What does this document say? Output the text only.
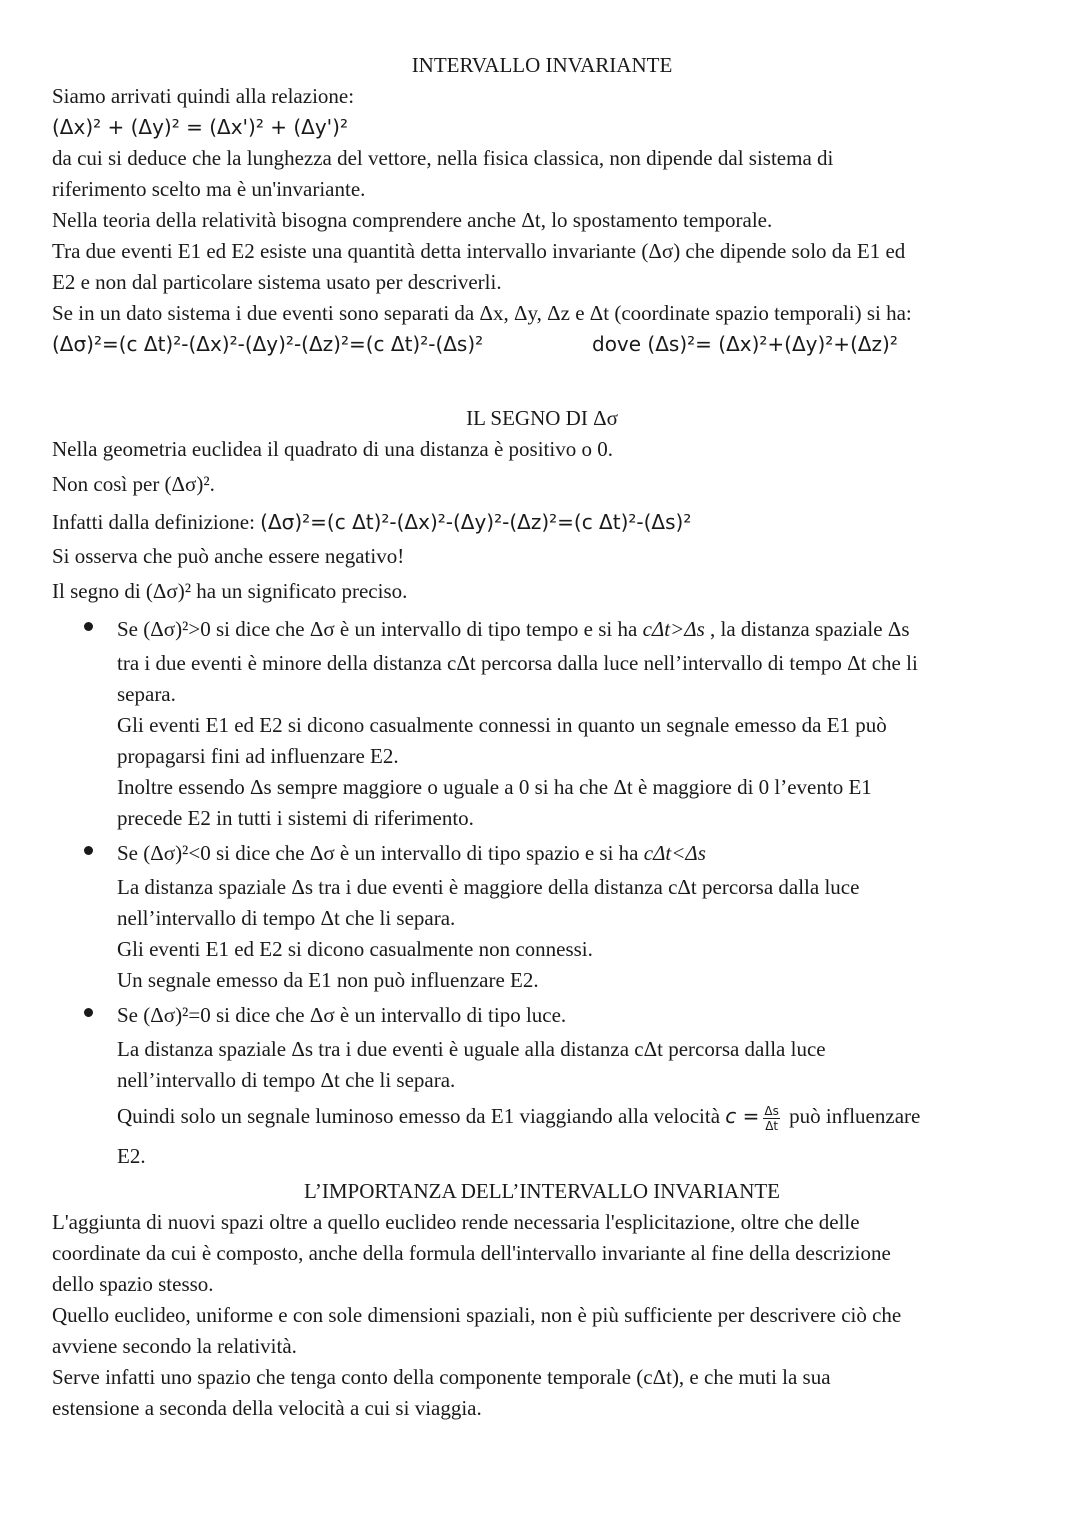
INTERVALLO INVARIANTE
Siamo arrivati quindi alla relazione:
(Δx)² + (Δy)² = (Δx')² + (Δy')²
da cui si deduce che la lunghezza del vettore, nella fisica classica, non dipende dal sistema di
riferimento scelto ma è un'invariante.
Nella teoria della relatività bisogna comprendere anche Δt, lo spostamento temporale.
Tra due eventi E1 ed E2 esiste una quantità detta intervallo invariante (Δσ) che dipende solo da E1 ed
E2 e non dal particolare sistema usato per descriverli.
Se in un dato sistema i due eventi sono separati da Δx, Δy, Δz e Δt (coordinate spazio temporali) si ha:
(Δσ)²=(c Δt)²-(Δx)²-(Δy)²-(Δz)²=(c Δt)²-(Δs)²	dove (Δs)²= (Δx)²+(Δy)²+(Δz)²
IL SEGNO DI Δσ
Nella geometria euclidea il quadrato di una distanza è positivo o 0.
Non così per (Δσ)².
Infatti dalla definizione: (Δσ)²=(c Δt)²-(Δx)²-(Δy)²-(Δz)²=(c Δt)²-(Δs)²
Si osserva che può anche essere negativo!
Il segno di (Δσ)² ha un significato preciso.
Se (Δσ)²>0 si dice che Δσ è un intervallo di tipo tempo e si ha cΔt>Δs , la distanza spaziale Δs
tra i due eventi è minore della distanza cΔt percorsa dalla luce nell’intervallo di tempo Δt che li
separa.
Gli eventi E1 ed E2 si dicono casualmente connessi in quanto un segnale emesso da E1 può
propagarsi fini ad influenzare E2.
Inoltre essendo Δs sempre maggiore o uguale a 0 si ha che Δt è maggiore di 0 l’evento E1
precede E2 in tutti i sistemi di riferimento.
Se (Δσ)²<0 si dice che Δσ è un intervallo di tipo spazio e si ha cΔt<Δs
La distanza spaziale Δs tra i due eventi è maggiore della distanza cΔt percorsa dalla luce
nell’intervallo di tempo Δt che li separa.
Gli eventi E1 ed E2 si dicono casualmente non connessi.
Un segnale emesso da E1 non può influenzare E2.
Se (Δσ)²=0 si dice che Δσ è un intervallo di tipo luce.
La distanza spaziale Δs tra i due eventi è uguale alla distanza cΔt percorsa dalla luce
nell’intervallo di tempo Δt che li separa.
Quindi solo un segnale luminoso emesso da E1 viaggiando alla velocità $c = \frac{\Delta s}{\Delta t}$ può influenzare
E2.
L’IMPORTANZA DELL’INTERVALLO INVARIANTE
L'aggiunta di nuovi spazi oltre a quello euclideo rende necessaria l'esplicitazione, oltre che delle
coordinate da cui è composto, anche della formula dell'intervallo invariante al fine della descrizione
dello spazio stesso.
Quello euclideo, uniforme e con sole dimensioni spaziali, non è più sufficiente per descrivere ciò che
avviene secondo la relatività.
Serve infatti uno spazio che tenga conto della componente temporale (cΔt), e che muti la sua
estensione a seconda della velocità a cui si viaggia.
